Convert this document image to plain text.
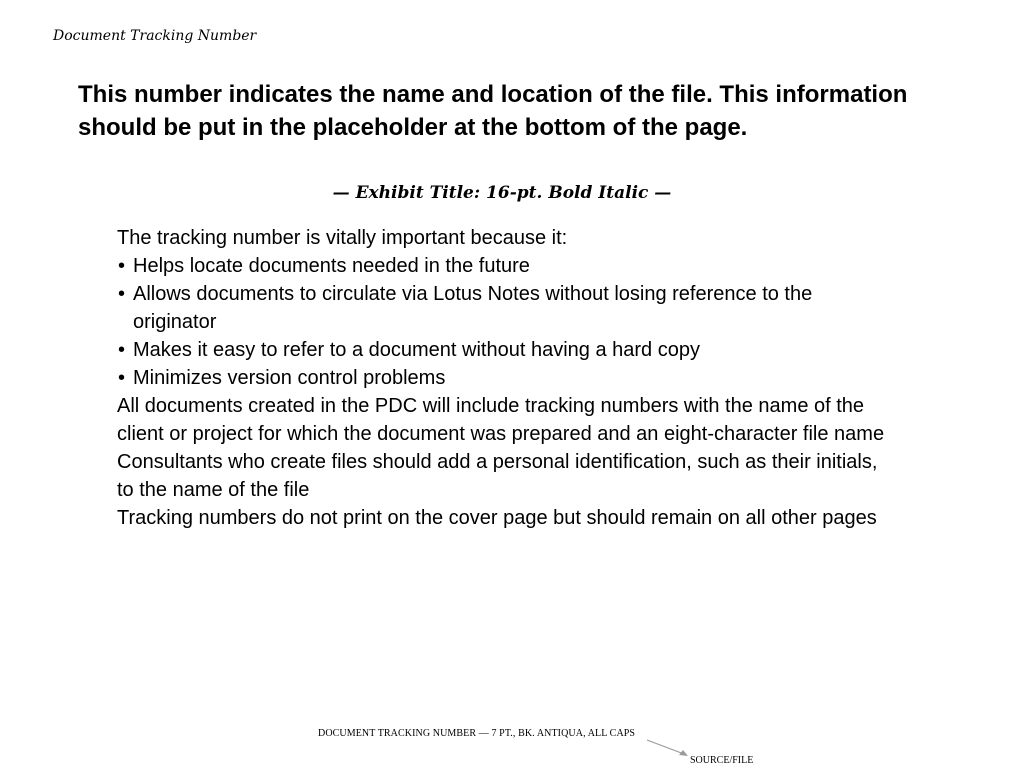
Document Tracking Number

This number indicates the name and location of the file. This information should be put in the placeholder at the bottom of the page.

— Exhibit Title: 16-pt. Bold Italic —

The tracking number is vitally important because it:

• Helps locate documents needed in the future
• Allows documents to circulate via Lotus Notes without losing reference to the originator
• Makes it easy to refer to a document without having a hard copy
• Minimizes version control problems

All documents created in the PDC will include tracking numbers with the name of the client or project for which the document was prepared and an eight-character file name

Consultants who create files should add a personal identification, such as their initials, to the name of the file

Tracking numbers do not print on the cover page but should remain on all other pages

DOCUMENT TRACKING NUMBER — 7 PT., BK. ANTIQUA, ALL CAPS
SOURCE/FILE
